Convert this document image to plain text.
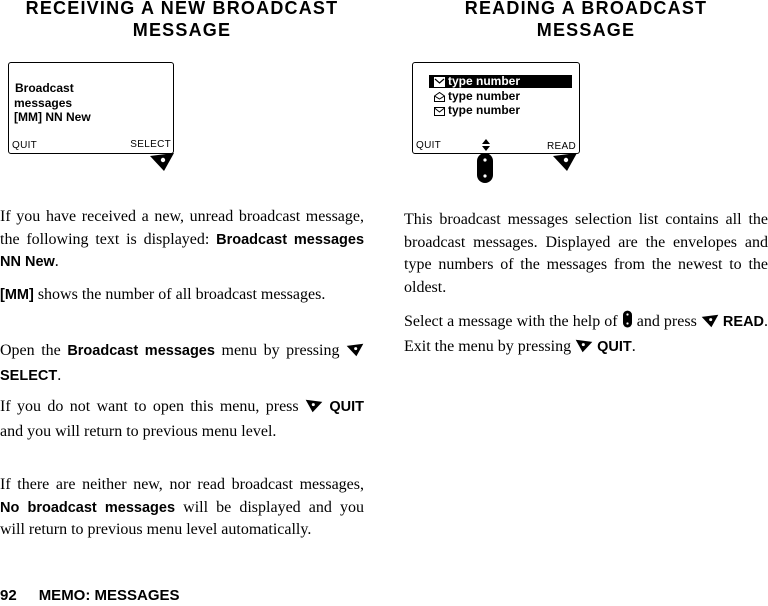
RECEIVING A NEW BROADCAST
MESSAGE
Broadcast
messages
[MM] NN New
QUIT	SELECT
If you have received a new, unread broadcast message, the following text is displayed: Broadcast messages NN New.
[MM] shows the number of all broadcast messages.
Open the Broadcast messages menu by pressing  SELECT.
If you do not want to open this menu, press  QUIT and you will return to previous menu level.
If there are neither new, nor read broadcast messages, No broadcast messages will be displayed and you will return to previous menu level automatically.
92 MEMO: MESSAGES
READING A BROADCAST
MESSAGE
type number
type number
type number
QUIT	READ
This broadcast messages selection list contains all the broadcast messages. Displayed are the envelopes and type numbers of the messages from the newest to the oldest.
Select a message with the help of  and press  READ. Exit the menu by pressing  QUIT.
